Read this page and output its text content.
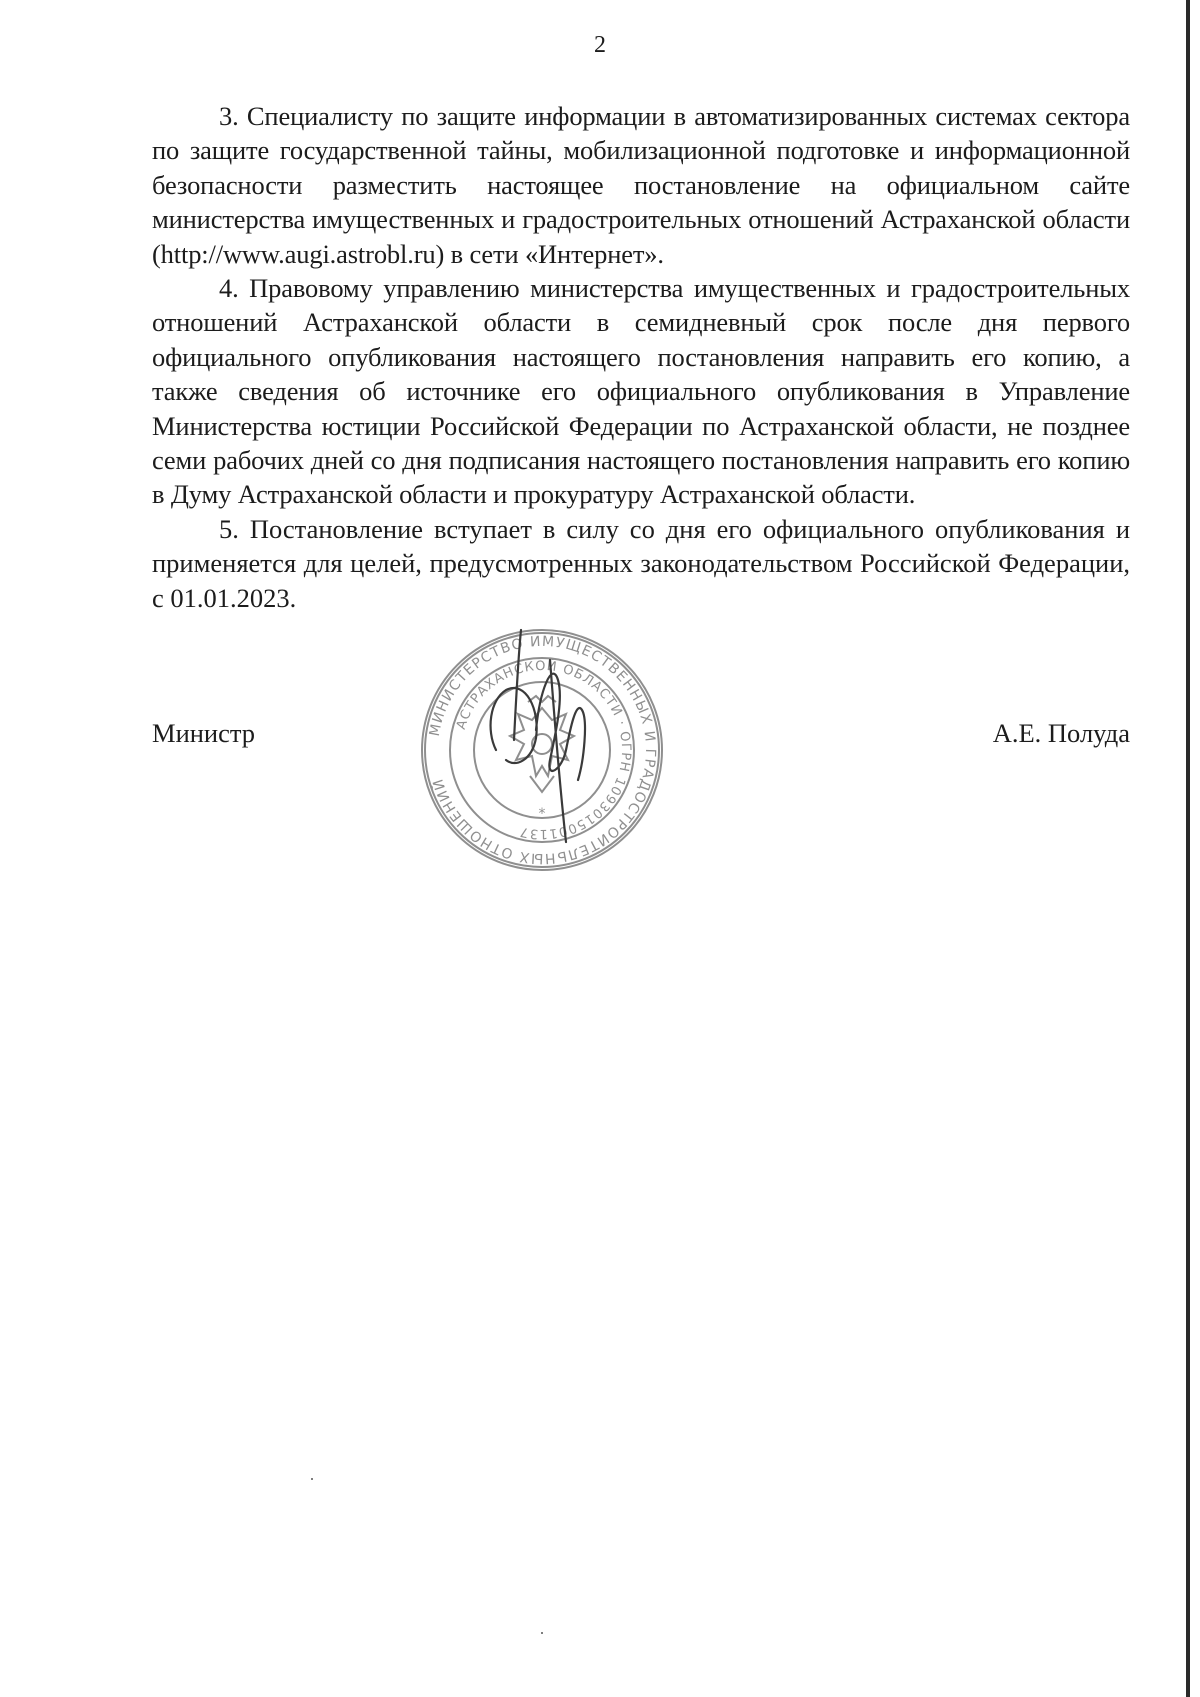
2

3. Специалисту по защите информации в автоматизированных системах сектора по защите государственной тайны, мобилизационной подготовке и информационной безопасности разместить настоящее постановление на официальном сайте министерства имущественных и градостроительных отношений Астраханской области (http://www.augi.astrobl.ru) в сети «Интернет».

4. Правовому управлению министерства имущественных и градостроительных отношений Астраханской области в семидневный срок после дня первого официального опубликования настоящего постановления направить его копию, а также сведения об источнике его официального опубликования в Управление Министерства юстиции Российской Федерации по Астраханской области, не позднее семи рабочих дней со дня подписания настоящего постановления направить его копию в Думу Астраханской области и прокуратуру Астраханской области.

5. Постановление вступает в силу со дня его официального опубликования и применяется для целей, предусмотренных законодательством Российской Федерации, с 01.01.2023.

Министр	А.Е. Полуда
МИНИСТЕРСТВО ИМУЩЕСТВЕННЫХ И ГРАДОСТРОИТЕЛЬНЫХ ОТНОШЕНИЙ
АСТРАХАНСКОЙ ОБЛАСТИ · ОГРН 1093015001137
*
